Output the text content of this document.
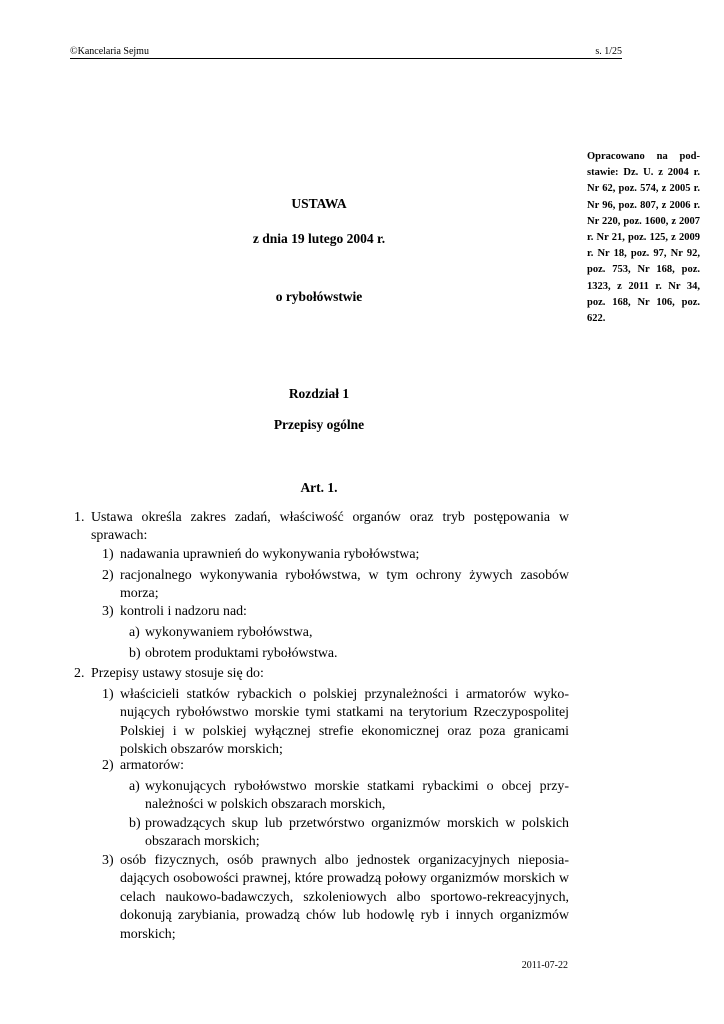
©Kancelaria Sejmu	s. 1/25
Opracowano na podstawie: Dz. U. z 2004 r. Nr 62, poz. 574, z 2005 r. Nr 96, poz. 807, z 2006 r. Nr 220, poz. 1600, z 2007 r. Nr 21, poz. 125, z 2009 r. Nr 18, poz. 97, Nr 92, poz. 753, Nr 168, poz. 1323, z 2011 r. Nr 34, poz. 168, Nr 106, poz. 622.
USTAWA
z dnia 19 lutego 2004 r.
o rybołówstwie
Rozdział 1
Przepisy ogólne
Art. 1.
1. Ustawa określa zakres zadań, właściwość organów oraz tryb postępowania w sprawach:
1) nadawania uprawnień do wykonywania rybołówstwa;
2) racjonalnego wykonywania rybołówstwa, w tym ochrony żywych zasobów morza;
3) kontroli i nadzoru nad:
a) wykonywaniem rybołówstwa,
b) obrotem produktami rybołówstwa.
2. Przepisy ustawy stosuje się do:
1) właścicieli statków rybackich o polskiej przynależności i armatorów wykonujących rybołówstwo morskie tymi statkami na terytorium Rzeczypospolitej Polskiej i w polskiej wyłącznej strefie ekonomicznej oraz poza granicami polskich obszarów morskich;
2) armatorów:
a) wykonujących rybołówstwo morskie statkami rybackimi o obcej przynależności w polskich obszarach morskich,
b) prowadzących skup lub przetwórstwo organizmów morskich w polskich obszarach morskich;
3) osób fizycznych, osób prawnych albo jednostek organizacyjnych nieposiadających osobowości prawnej, które prowadzą połowy organizmów morskich w celach naukowo-badawczych, szkoleniowych albo sportowo-rekreacyjnych, dokonują zarybiania, prowadzą chów lub hodowlę ryb i innych organizmów morskich;
2011-07-22
